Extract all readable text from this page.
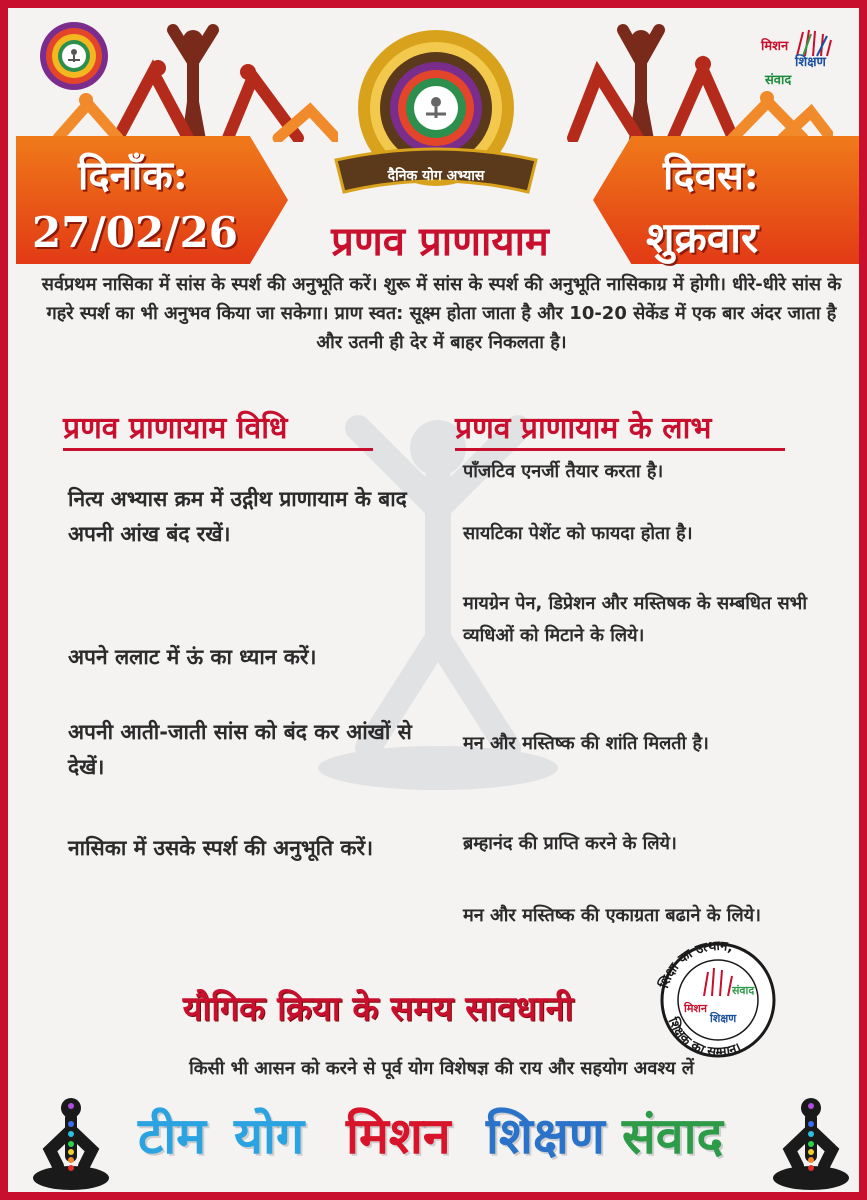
मिशन
शिक्षण
संवाद
दिनाँक:
27/02/26
दिवस:
शुक्रवार
दैनिक योग अभ्यास
प्रणव प्राणायाम
सर्वप्रथम नासिका में सांस के स्पर्श की अनुभूति करें। शुरू में सांस के स्पर्श की अनुभूति नासिकाग्र में होगी। धीरे-धीरे सांस के गहरे स्पर्श का भी अनुभव किया जा सकेगा। प्राण स्वत: सूक्ष्म होता जाता है और 10-20 सेकेंड में एक बार अंदर जाता है और उतनी ही देर में बाहर निकलता है।
प्रणव प्राणायाम विधि	प्रणव प्राणायाम के लाभ
नित्य अभ्यास क्रम में उद्गीथ प्राणायाम के बाद अपनी आंख बंद रखें।
अपने ललाट में ऊं का ध्यान करें।
अपनी आती-जाती सांस को बंद कर आंखों से देखें।
नासिका में उसके स्पर्श की अनुभूति करें।
पाँजटिव एनर्जी तैयार करता है।
सायटिका पेशेंट को फायदा होता है।
मायग्रेन पेन, डिप्रेशन और मस्तिषक के सम्बधित सभी व्यधिओं को मिटाने के लिये।
मन और मस्तिष्क की शांति मिलती है।
ब्रम्हानंद की प्राप्ति करने के लिये।
मन और मस्तिष्क की एकाग्रता बढाने के लिये।
शिक्षा का उत्थान,
शिक्षक का सम्मान।
मिशन
शिक्षण
संवाद
यौगिक क्रिया के समय सावधानी
किसी भी आसन को करने से पूर्व योग विशेषज्ञ की राय और सहयोग अवश्य लें
टीम योग मिशन शिक्षण संवाद
